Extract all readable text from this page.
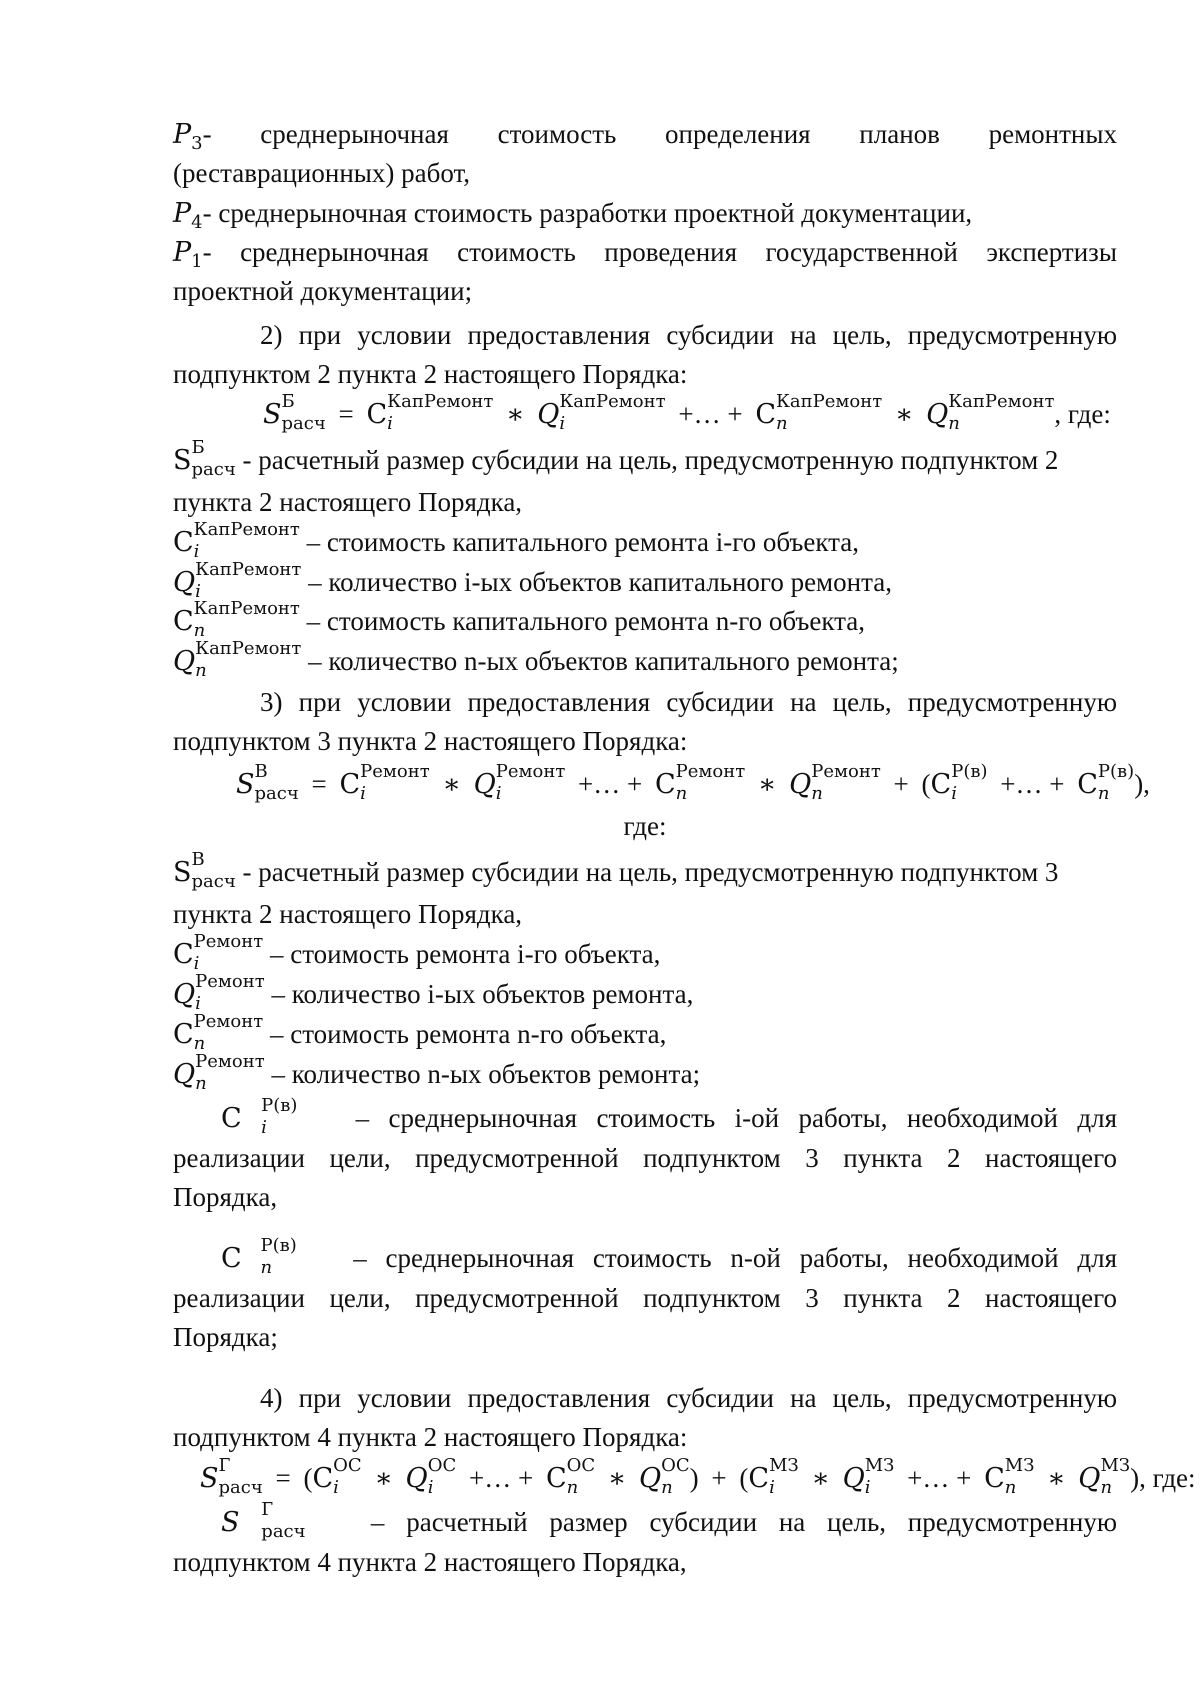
$P_3-$ среднерыночная стоимость определения планов ремонтных
(реставрационных) работ,
$P_4-$ среднерыночная стоимость разработки проектной документации,
$P_1-$ среднерыночная стоимость проведения государственной экспертизы
проектной документации;
2) при условии предоставления субсидии на цель, предусмотренную
подпунктом 2 пункта 2 настоящего Порядка:
S Б
расч = С КапРемонт
i	∗ Q КапРемонт
i	+… + С КапРемонт
n	∗ Q КапРемонт
n	, где:
S Б
расч - расчетный размер субсидии на цель, предусмотренную подпунктом 2
пункта 2 настоящего Порядка,
С КапРемонт
i	– стоимость капитального ремонта i-го объекта,
Q КапРемонт
i	– количество i-ых объектов капитального ремонта,
С КапРемонт
n	– стоимость капитального ремонта n-го объекта,
Q КапРемонт
n	– количество n-ых объектов капитального ремонта;
3) при условии предоставления субсидии на цель, предусмотренную
подпунктом 3 пункта 2 настоящего Порядка:
S В
расч = С Ремонт
i	∗ Q Ремонт
i	+… + С Ремонт
n	∗ Q Ремонт
n	+ (С Р(в)
i	+… + С Р(в)
n ),
где:
S В
расч - расчетный размер субсидии на цель, предусмотренную подпунктом 3
пункта 2 настоящего Порядка,
С Ремонт
i	– стоимость ремонта i-го объекта,
Q Ремонт
i	– количество i-ых объектов ремонта,
С Ремонт
n	– стоимость ремонта n-го объекта,
Q Ремонт
n	– количество n-ых объектов ремонта;
С Р(в)
i	– среднерыночная стоимость i-ой работы, необходимой для
реализации цели, предусмотренной подпунктом 3 пункта 2 настоящего
Порядка,
С Р(в)
n	– среднерыночная стоимость n-ой работы, необходимой для
реализации цели, предусмотренной подпунктом 3 пункта 2 настоящего
Порядка;
4) при условии предоставления субсидии на цель, предусмотренную
подпунктом 4 пункта 2 настоящего Порядка:
S Г
расч = (С ОС
i	∗ Q ОС
i	+… + С ОС
n	∗ Q ОС
n ) + (С МЗ
i	∗ Q МЗ
i	+… + С МЗ
n	∗ Q МЗ
n ), где:
S Г
расч – расчетный размер субсидии на цель, предусмотренную
подпунктом 4 пункта 2 настоящего Порядка,
